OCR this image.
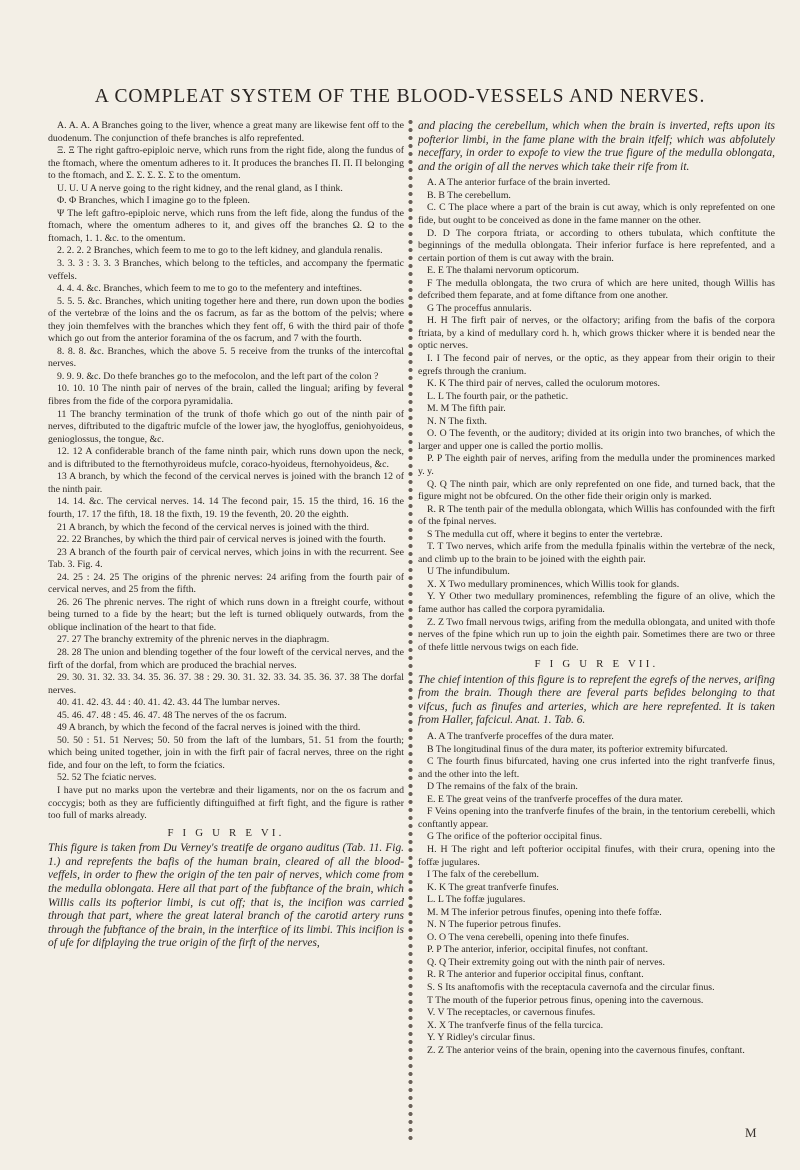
A COMPLEAT SYSTEM OF THE BLOOD-VESSELS AND NERVES.

A. A. A. A Branches going to the liver, whence a great many are likewise fent off to the duodenum. The conjunction of thefe branches is alfo reprefented.

Ξ. Ξ The right gaftro-epiploic nerve, which runs from the right fide, along the fundus of the ftomach, where the omentum adheres to it. It produces the branches Π. Π. Π belonging to the ftomach, and Σ. Σ. Σ. Σ. Σ to the omentum.

U. U. U A nerve going to the right kidney, and the renal gland, as I think.

Φ. Φ Branches, which I imagine go to the fpleen.

Ψ The left gaftro-epiploic nerve, which runs from the left fide, along the fundus of the ftomach, where the omentum adheres to it, and gives off the branches Ω. Ω to the ftomach, 1. 1. &c. to the omentum.

2. 2. 2. 2 Branches, which feem to me to go to the left kidney, and glandula renalis.

3. 3. 3 : 3. 3. 3 Branches, which belong to the tefticles, and accompany the fpermatic veffels.

4. 4. 4. &c. Branches, which feem to me to go to the mefentery and inteftines.

5. 5. 5. &c. Branches, which uniting together here and there, run down upon the bodies of the vertebræ of the loins and the os facrum, as far as the bottom of the pelvis; where they join themfelves with the branches which they fent off, 6 with the third pair of thofe which go out from the anterior foramina of the os facrum, and 7 with the fourth.

8. 8. 8. &c. Branches, which the above 5. 5 receive from the trunks of the intercoftal nerves.

9. 9. 9. &c. Do thefe branches go to the mefocolon, and the left part of the colon ?

10. 10. 10 The ninth pair of nerves of the brain, called the lingual; arifing by feveral fibres from the fide of the corpora pyramidalia.

11 The branchy termination of the trunk of thofe which go out of the ninth pair of nerves, diftributed to the digaftric mufcle of the lower jaw, the hyogloffus, geniohyoideus, genioglossus, the tongue, &c.

12. 12 A confiderable branch of the fame ninth pair, which runs down upon the neck, and is diftributed to the fternothyroideus mufcle, coraco-hyoideus, fternohyoideus, &c.

13 A branch, by which the fecond of the cervical nerves is joined with the branch 12 of the ninth pair.

14. 14. &c. The cervical nerves. 14. 14 The fecond pair, 15. 15 the third, 16. 16 the fourth, 17. 17 the fifth, 18. 18 the fixth, 19. 19 the feventh, 20. 20 the eighth.

21 A branch, by which the fecond of the cervical nerves is joined with the third.

22. 22 Branches, by which the third pair of cervical nerves is joined with the fourth.

23 A branch of the fourth pair of cervical nerves, which joins in with the recurrent. See Tab. 3. Fig. 4.

24. 25 : 24. 25 The origins of the phrenic nerves: 24 arifing from the fourth pair of cervical nerves, and 25 from the fifth.

26. 26 The phrenic nerves. The right of which runs down in a ftreight courfe, without being turned to a fide by the heart; but the left is turned obliquely outwards, from the oblique inclination of the heart to that fide.

27. 27 The branchy extremity of the phrenic nerves in the diaphragm.

28. 28 The union and blending together of the four loweft of the cervical nerves, and the firft of the dorfal, from which are produced the brachial nerves.

29. 30. 31. 32. 33. 34. 35. 36. 37. 38 : 29. 30. 31. 32. 33. 34. 35. 36. 37. 38 The dorfal nerves.

40. 41. 42. 43. 44 : 40. 41. 42. 43. 44 The lumbar nerves.

45. 46. 47. 48 : 45. 46. 47. 48 The nerves of the os facrum.

49 A branch, by which the fecond of the facral nerves is joined with the third.

50. 50 : 51. 51 Nerves; 50. 50 from the laft of the lumbars, 51. 51 from the fourth; which being united together, join in with the firft pair of facral nerves, three on the right fide, and four on the left, to form the fciatics.

52. 52 The fciatic nerves.

I have put no marks upon the vertebræ and their ligaments, nor on the os facrum and coccygis; both as they are fufficiently diftinguifhed at firft fight, and the figure is rather too full of marks already.

F I G U R E VI.

This figure is taken from Du Verney's treatife de organo auditus (Tab. 11. Fig. 1.) and reprefents the bafis of the human brain, cleared of all the blood-veffels, in order to fhew the origin of the ten pair of nerves, which come from the medulla oblongata. Here all that part of the fubftance of the brain, which Willis calls its pofterior limbi, is cut off; that is, the incifion was carried through that part, where the great lateral branch of the carotid artery runs through the fubftance of the brain, in the interftice of its limbi. This incifion is of ufe for difplaying the true origin of the firft of the nerves,

and placing the cerebellum, which when the brain is inverted, refts upon its pofterior limbi, in the fame plane with the brain itfelf; which was abfolutely neceffary, in order to expofe to view the true figure of the medulla oblongata, and the origin of all the nerves which take their rife from it.

A. A The anterior furface of the brain inverted.

B. B The cerebellum.

C. C The place where a part of the brain is cut away, which is only reprefented on one fide, but ought to be conceived as done in the fame manner on the other.

D. D The corpora ftriata, or according to others tubulata, which conftitute the beginnings of the medulla oblongata. Their inferior furface is here reprefented, and a certain portion of them is cut away with the brain.

E. E The thalami nervorum opticorum.

F The medulla oblongata, the two crura of which are here united, though Willis has defcribed them feparate, and at fome diftance from one another.

G The proceffus annularis.

H. H The firft pair of nerves, or the olfactory; arifing from the bafis of the corpora ftriata, by a kind of medullary cord h. h, which grows thicker where it is bended near the optic nerves.

I. I The fecond pair of nerves, or the optic, as they appear from their origin to their egrefs through the cranium.

K. K The third pair of nerves, called the oculorum motores.

L. L The fourth pair, or the pathetic.

M. M The fifth pair.

N. N The fixth.

O. O The feventh, or the auditory; divided at its origin into two branches, of which the larger and upper one is called the portio mollis.

P. P The eighth pair of nerves, arifing from the medulla under the prominences marked y. y.

Q. Q The ninth pair, which are only reprefented on one fide, and turned back, that the figure might not be obfcured. On the other fide their origin only is marked.

R. R The tenth pair of the medulla oblongata, which Willis has confounded with the firft of the fpinal nerves.

S The medulla cut off, where it begins to enter the vertebræ.

T. T Two nerves, which arife from the medulla fpinalis within the vertebræ of the neck, and climb up to the brain to be joined with the eighth pair.

U The infundibulum.

X. X Two medullary prominences, which Willis took for glands.

Y. Y Other two medullary prominences, refembling the figure of an olive, which the fame author has called the corpora pyramidalia.

Z. Z Two fmall nervous twigs, arifing from the medulla oblongata, and united with thofe nerves of the fpine which run up to join the eighth pair. Sometimes there are two or three of thefe little nervous twigs on each fide.

F I G U R E VII.

The chief intention of this figure is to reprefent the egrefs of the nerves, arifing from the brain. Though there are feveral parts befides belonging to that vifcus, fuch as finufes and arteries, which are here reprefented. It is taken from Haller, fafcicul. Anat. 1. Tab. 6.

A. A The tranfverfe proceffes of the dura mater.

B The longitudinal finus of the dura mater, its pofterior extremity bifurcated.

C The fourth finus bifurcated, having one crus inferted into the right tranfverfe finus, and the other into the left.

D The remains of the falx of the brain.

E. E The great veins of the tranfverfe proceffes of the dura mater.

F Veins opening into the tranfverfe finufes of the brain, in the tentorium cerebelli, which conftantly appear.

G The orifice of the pofterior occipital finus.

H. H The right and left pofterior occipital finufes, with their crura, opening into the foffæ jugulares.

I The falx of the cerebellum.

K. K The great tranfverfe finufes.

L. L The foffæ jugulares.

M. M The inferior petrous finufes, opening into thefe foffæ.

N. N The fuperior petrous finufes.

O. O The vena cerebelli, opening into thefe finufes.

P. P The anterior, inferior, occipital finufes, not conftant.

Q. Q Their extremity going out with the ninth pair of nerves.

R. R The anterior and fuperior occipital finus, conftant.

S. S Its anaftomofis with the receptacula cavernofa and the circular finus.

T The mouth of the fuperior petrous finus, opening into the cavernous.

V. V The receptacles, or cavernous finufes.

X. X The tranfverfe finus of the fella turcica.

Y. Y Ridley's circular finus.

Z. Z The anterior veins of the brain, opening into the cavernous finufes, conftant.

M
